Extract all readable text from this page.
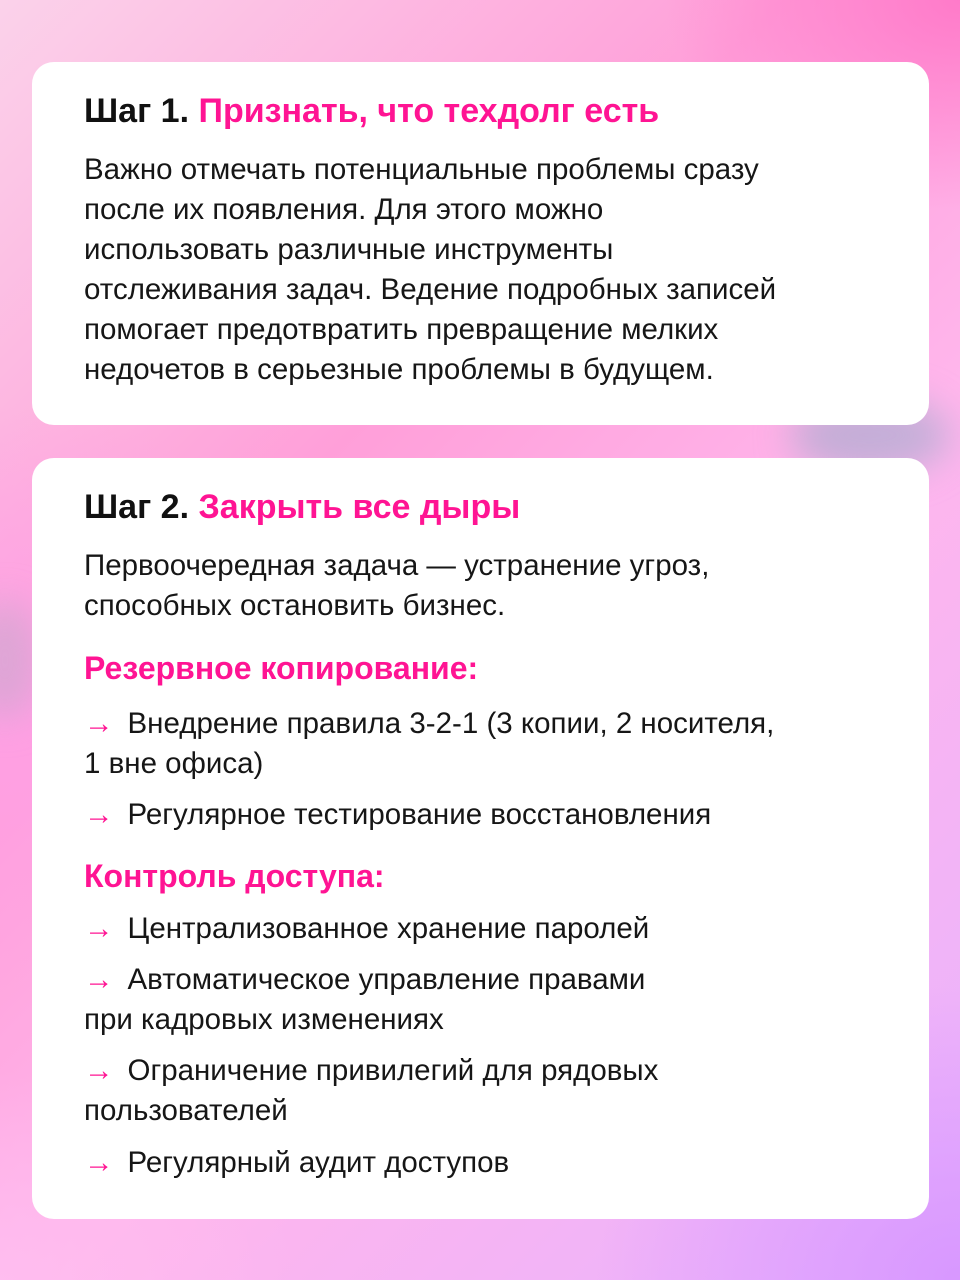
Шаг 1. Признать, что техдолг есть

Важно отмечать потенциальные проблемы сразу
после их появления. Для этого можно
использовать различные инструменты
отслеживания задач. Ведение подробных записей
помогает предотвратить превращение мелких
недочетов в серьезные проблемы в будущем.

Шаг 2. Закрыть все дыры

Первоочередная задача — устранение угроз,
способных остановить бизнес.

Резервное копирование:

→ Внедрение правила 3-2-1 (3 копии, 2 носителя,
1 вне офиса)

→ Регулярное тестирование восстановления

Контроль доступа:

→ Централизованное хранение паролей

→ Автоматическое управление правами
при кадровых изменениях

→ Ограничение привилегий для рядовых
пользователей

→ Регулярный аудит доступов
